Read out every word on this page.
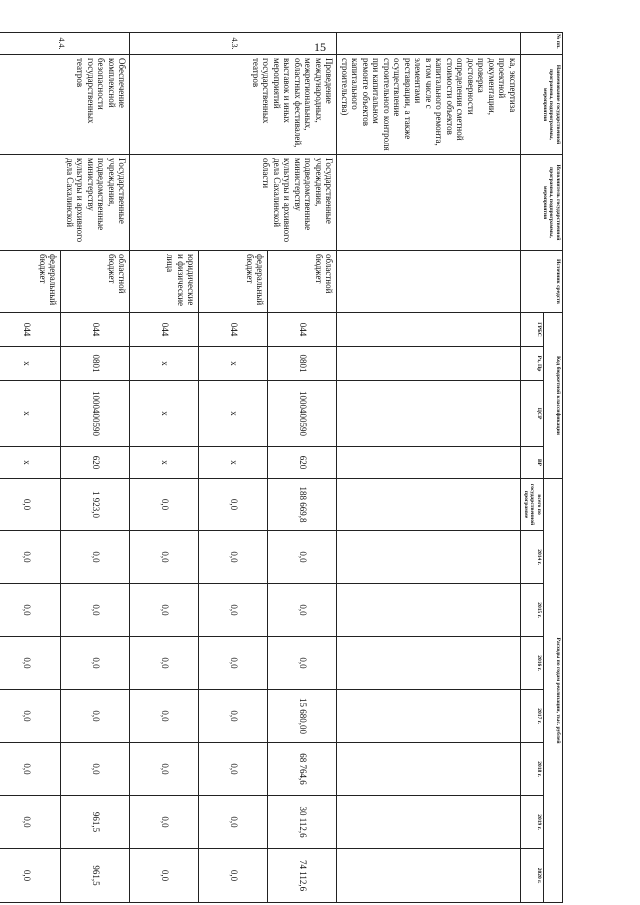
15	№ пп.	Наименование государственной программы, подпрограммы, мероприятия	Исполнитель государственной программы, подпрограммы, мероприятия	Источник средств	Код бюджетной классификации				Расходы по годам реализации, тыс. рублей							
				ГРБС	Рз, Пр	ЦСР	ВР	всего по государственной программе	2014 г.	2015 г.	2016 г.	2017 г.	2018 г.	2019 г.	2020 г.
	ка, экспертиза проектной документации, проверка достоверности определения сметной стоимости объектов капитального ремонта, в том числе с элементами реставрации, а также осуществление строительного контроля при капитальном ремонте объектов капитального строительства)														
4.3.	Проведение международных, межрегиональных, областных фестивалей, выставок и иных мероприятий государственных театров	Государственные учреждения, подведомственные министерству культуры и архивного дела Сахалинской области	областной бюджет	044	0801	1000400590	620	188 669,8	0,0	0,0	0,0	15 680,00	68 764,6	30 112,6	74 112,6
			федеральный бюджет	044	х	х	х	0,0	0,0	0,0	0,0	0,0	0,0	0,0	0,0
			юридические и физические лица	044	х	х	х	0,0	0,0	0,0	0,0	0,0	0,0	0,0	0,0
4.4.	Обеспечение комплексной безопасности государственных театров	Государственные учреждения, подведомственные министерству культуры и архивного дела Сахалинской	областной бюджет	044	0801	1000400590	620	1 923,0	0,0	0,0	0,0	0,0	0,0	961,5	961,5
			федеральный бюджет	044	х	х	х	0,0	0,0	0,0	0,0	0,0	0,0	0,0	0,0
